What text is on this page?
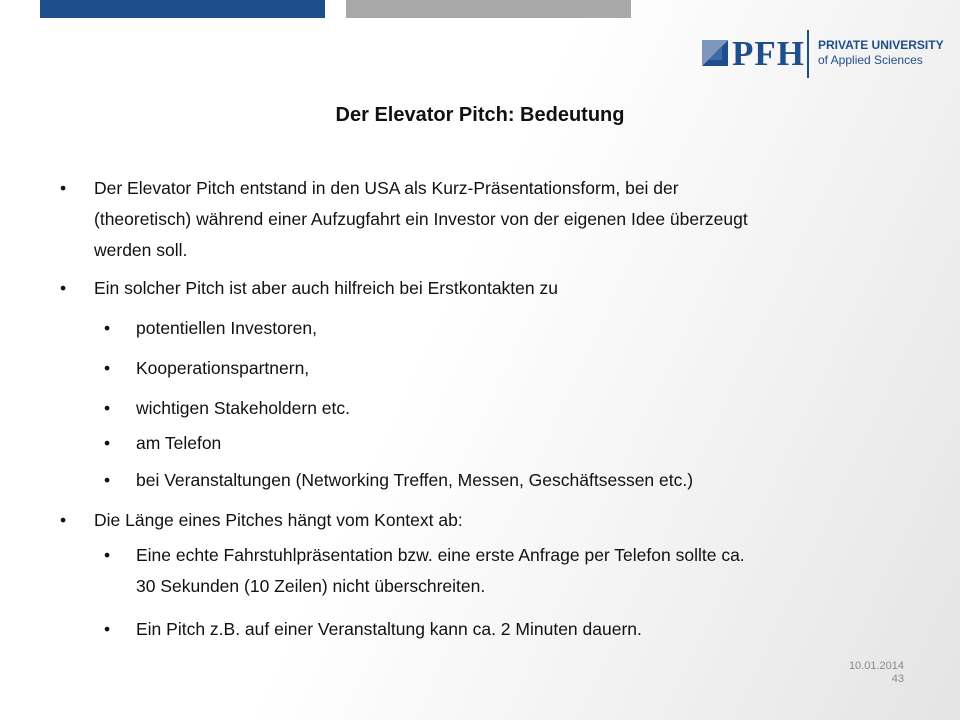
PFH PRIVATE UNIVERSITY
of Applied Sciences
Der Elevator Pitch: Bedeutung
• Der Elevator Pitch entstand in den USA als Kurz-Präsentationsform, bei der
(theoretisch) während einer Aufzugfahrt ein Investor von der eigenen Idee überzeugt
werden soll.
• Ein solcher Pitch ist aber auch hilfreich bei Erstkontakten zu
• potentiellen Investoren,
• Kooperationspartnern,
• wichtigen Stakeholdern etc.
• am Telefon
• bei Veranstaltungen (Networking Treffen, Messen, Geschäftsessen etc.)
• Die Länge eines Pitches hängt vom Kontext ab:
• Eine echte Fahrstuhlpräsentation bzw. eine erste Anfrage per Telefon sollte ca.
30 Sekunden (10 Zeilen) nicht überschreiten.
• Ein Pitch z.B. auf einer Veranstaltung kann ca. 2 Minuten dauern.
10.01.2014
43
